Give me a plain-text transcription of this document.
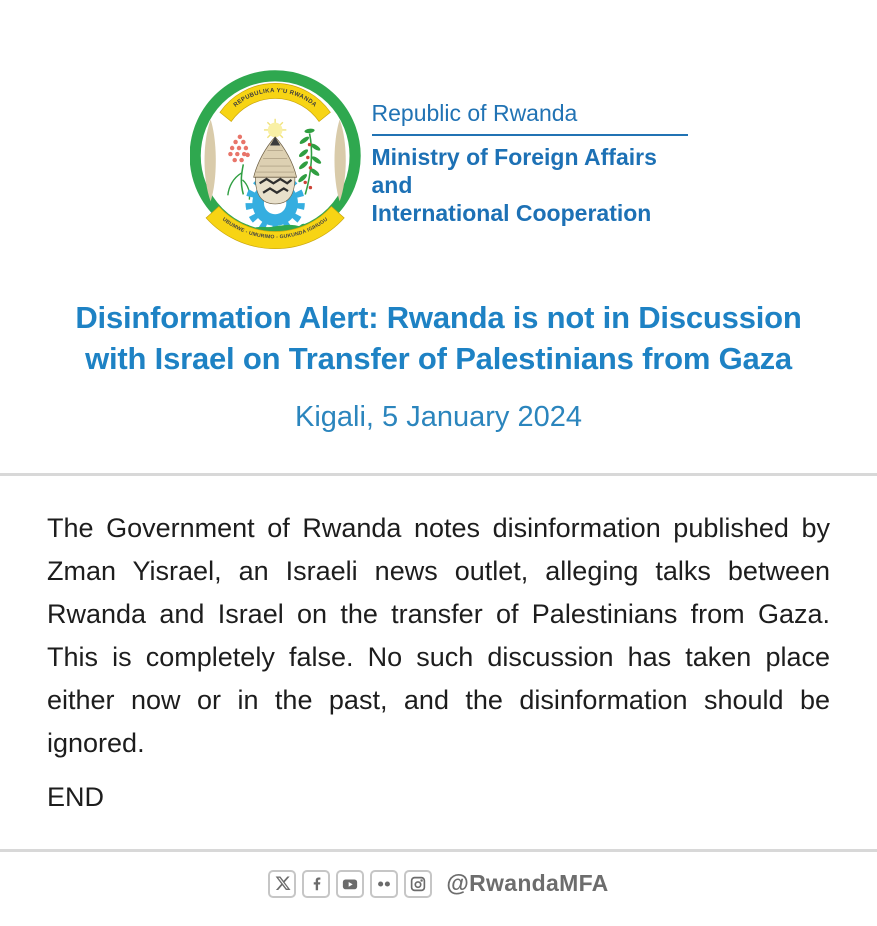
REPUBULIKA Y'U RWANDA
UBUMWE - UMURIMO - GUKUNDA IGIHUGU
Republic of Rwanda
Ministry of Foreign Affairs and
International Cooperation
Disinformation Alert: Rwanda is not in Discussion with Israel on Transfer of Palestinians from Gaza
Kigali, 5 January 2024

The Government of Rwanda notes disinformation published by Zman Yisrael, an Israeli news outlet, alleging talks between Rwanda and Israel on the transfer of Palestinians from Gaza. This is completely false. No such discussion has taken place either now or in the past, and the disinformation should be ignored.

END
@RwandaMFA
